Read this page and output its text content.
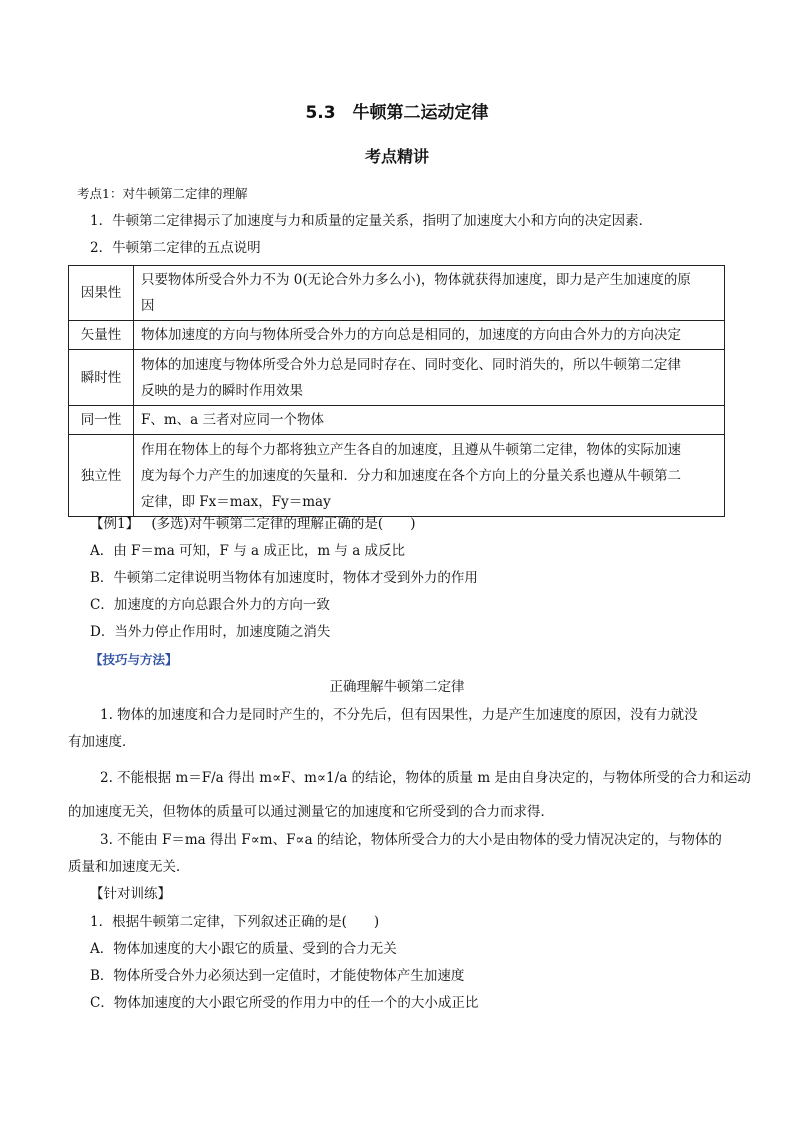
5.3　牛顿第二运动定律
考点精讲
考点1：对牛顿第二定律的理解
1．牛顿第二定律揭示了加速度与力和质量的定量关系，指明了加速度大小和方向的决定因素．
2．牛顿第二定律的五点说明
因果性	只要物体所受合外力不为 0(无论合外力多么小)，物体就获得加速度，即力是产生加速度的原
因

矢量性	物体加速度的方向与物体所受合外力的方向总是相同的，加速度的方向由合外力的方向决定

瞬时性	物体的加速度与物体所受合外力总是同时存在、同时变化、同时消失的，所以牛顿第二定律
反映的是力的瞬时作用效果

同一性	F、m、a 三者对应同一个物体

独立性	作用在物体上的每个力都将独立产生各自的加速度，且遵从牛顿第二定律，物体的实际加速
度为每个力产生的加速度的矢量和．分力和加速度在各个方向上的分量关系也遵从牛顿第二
定律，即 Fx＝max，Fy＝may
【例1】 (多选)对牛顿第二定律的理解正确的是(　　)
A．由 F＝ma 可知，F 与 a 成正比，m 与 a 成反比
B．牛顿第二定律说明当物体有加速度时，物体才受到外力的作用
C．加速度的方向总跟合外力的方向一致
D．当外力停止作用时，加速度随之消失
【技巧与方法】
正确理解牛顿第二定律
1. 物体的加速度和合力是同时产生的，不分先后，但有因果性，力是产生加速度的原因，没有力就没
有加速度．
2. 不能根据 m＝F/a 得出 m∝F、m∝1/a 的结论，物体的质量 m 是由自身决定的，与物体所受的合力和运动
的加速度无关，但物体的质量可以通过测量它的加速度和它所受到的合力而求得．
3. 不能由 F＝ma 得出 F∝m、F∝a 的结论，物体所受合力的大小是由物体的受力情况决定的，与物体的
质量和加速度无关．
【针对训练】
1．根据牛顿第二定律，下列叙述正确的是(　　)
A．物体加速度的大小跟它的质量、受到的合力无关
B．物体所受合外力必须达到一定值时，才能使物体产生加速度
C．物体加速度的大小跟它所受的作用力中的任一个的大小成正比
